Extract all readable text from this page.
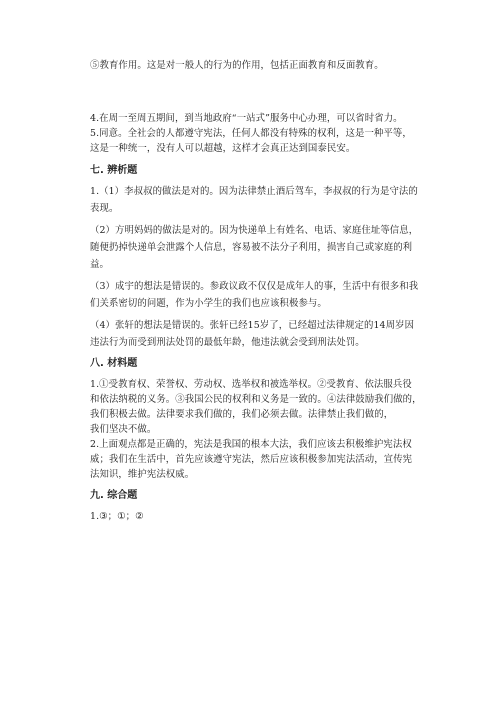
⑤教育作用。这是对一般人的行为的作用，包括正面教育和反面教育。
4.在周一至周五期间，到当地政府“一站式”服务中心办理，可以省时省力。
5.同意。全社会的人都遵守宪法，任何人都没有特殊的权利，这是一种平等，
这是一种统一，没有人可以超越，这样才会真正达到国泰民安。
七. 辨析题
1.（1）李叔叔的做法是对的。因为法律禁止酒后驾车，李叔叔的行为是守法的
表现。
（2）方明妈妈的做法是对的。因为快递单上有姓名、电话、家庭住址等信息，
随便扔掉快递单会泄露个人信息，容易被不法分子利用，损害自己或家庭的利
益。
（3）成宇的想法是错误的。参政议政不仅仅是成年人的事，生活中有很多和我
们关系密切的问题，作为小学生的我们也应该积极参与。
（4）张轩的想法是错误的。张轩已经15岁了，已经超过法律规定的14周岁因
违法行为而受到刑法处罚的最低年龄，他违法就会受到刑法处罚。
八. 材料题
1.①受教育权、荣誉权、劳动权、选举权和被选举权。②受教育、依法服兵役
和依法纳税的义务。③我国公民的权利和义务是一致的。④法律鼓励我们做的，
我们积极去做。法律要求我们做的，我们必须去做。法律禁止我们做的，
我们坚决不做。
2.上面观点都是正确的，宪法是我国的根本大法，我们应该去积极维护宪法权
威；我们在生活中，首先应该遵守宪法，然后应该积极参加宪法活动，宣传宪
法知识，维护宪法权威。
九. 综合题
1.③；①；②
